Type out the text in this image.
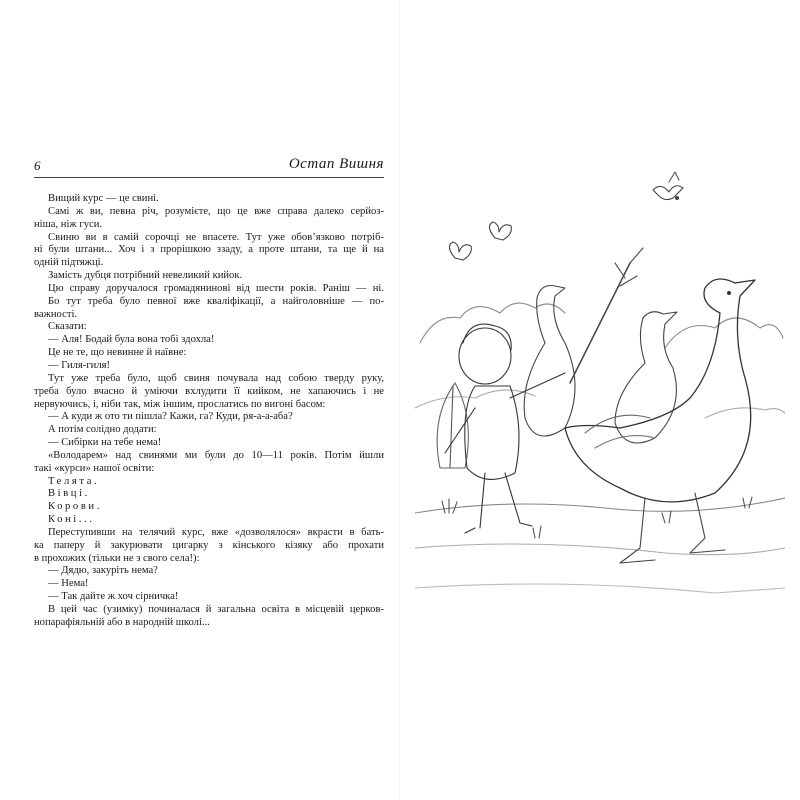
6	Остап Вишня
Вищий курс — це свині.
Самі ж ви, певна річ, розумієте, що це вже справа далеко серйоз-
ніша, ніж гуси.
Свиню ви в самій сорочці не впасете. Тут уже обов’язково потріб-
ні були штани... Хоч і з прорішкою ззаду, а проте штани, та ще й на
одній підтяжці.
Замість дубця потрібний невеликий кийок.
Цю справу доручалося громадянинові від шести років. Раніш — ні.
Бо тут треба було певної вже кваліфікації, а найголовніше — по-
важності.
Сказати:
— Аля! Бодай була вона тобі здохла!
Це не те, що невинне й наївне:
— Гиля-гиля!
Тут уже треба було, щоб свиня почувала над собою тверду руку,
треба було вчасно й уміючи вхлудити її кийком, не хапаючись і не
нервуючись, і, ніби так, між іншим, прослатись по вигоні басом:
— А куди ж ото ти пішла? Кажи, га? Куди, ря-а-а-аба?
А потім солідно додати:
— Сибірки на тебе нема!
«Володарем» над свинями ми були до 10—11 років. Потім йшли
такі «курси» нашої освіти:
Телята.
Вівці.
Корови.
Коні...
Переступивши на телячий курс, вже «дозволялося» вкрасти в бать-
ка паперу й закурювати цигарку з кінського кізяку або прохати
в прохожих (тільки не з свого села!):
— Дядю, закуріть нема?
— Нема!
— Так дайте ж хоч сірничка!
В цей час (узимку) починалася й загальна освіта в місцевій церков-
нопарафіяльній або в народній школі...
